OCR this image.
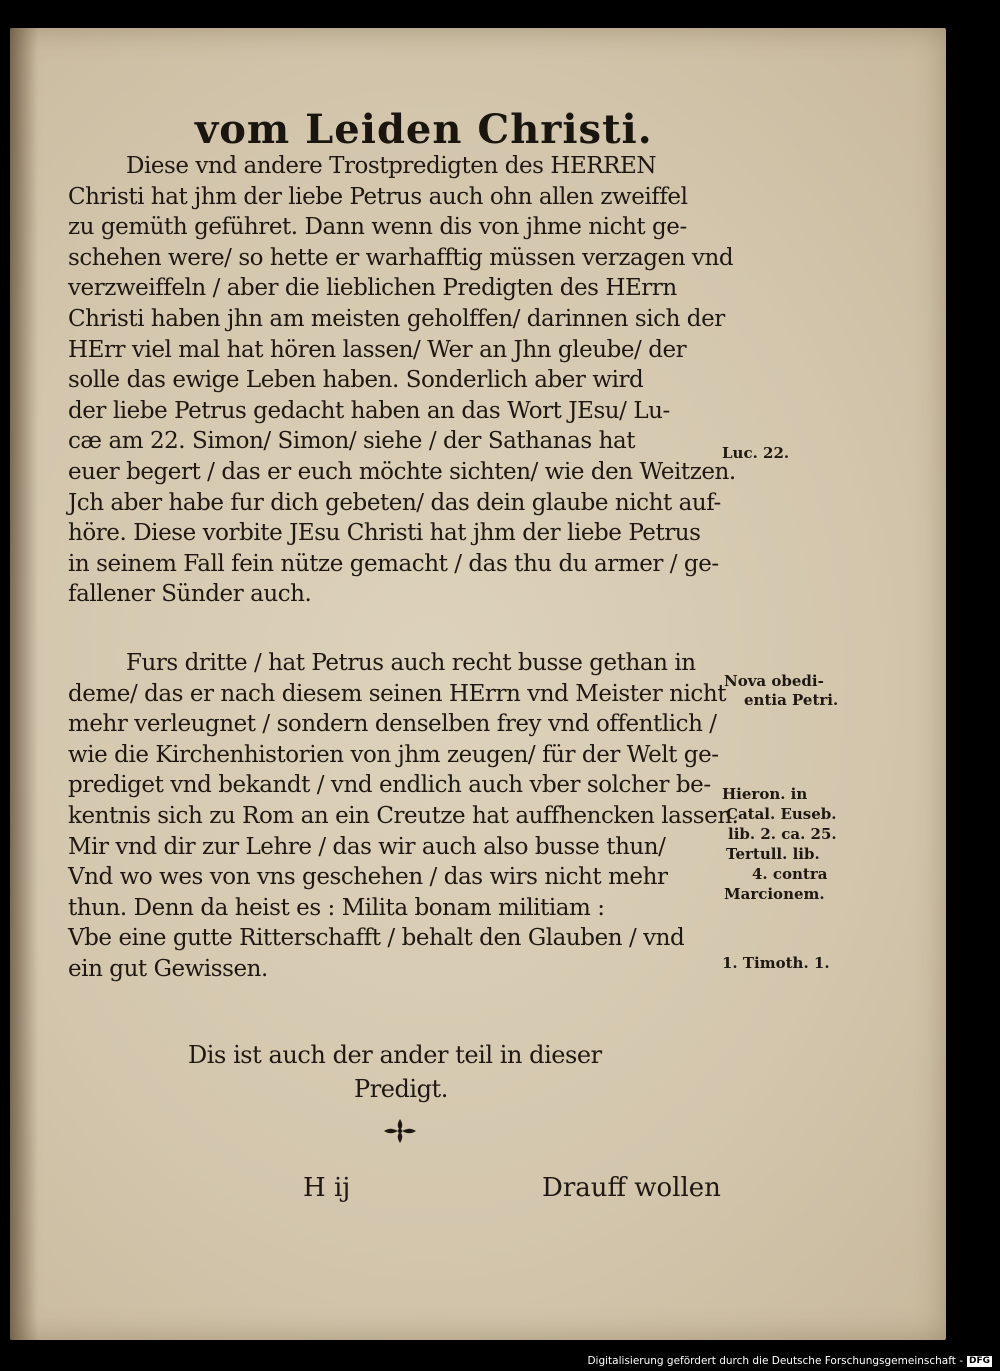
vom Leiden Christi.
Diese vnd andere Trostpredigten des HERREN
Christi hat jhm der liebe Petrus auch ohn allen zweiffel
zu gemüth geführet. Dann wenn dis von jhme nicht ge-
schehen were/ so hette er warhafftig müssen verzagen vnd
verzweiffeln / aber die lieblichen Predigten des HErrn
Christi haben jhn am meisten geholffen/ darinnen sich der
HErr viel mal hat hören lassen/ Wer an Jhn gleube/ der
solle das ewige Leben haben. Sonderlich aber wird
der liebe Petrus gedacht haben an das Wort JEsu/ Lu-
cæ am 22. Simon/ Simon/ siehe / der Sathanas hat
euer begert / das er euch möchte sichten/ wie den Weitzen.
Jch aber habe fur dich gebeten/ das dein glaube nicht auf-
höre. Diese vorbite JEsu Christi hat jhm der liebe Petrus
in seinem Fall fein nütze gemacht / das thu du armer / ge-
fallener Sünder auch.
Furs dritte / hat Petrus auch recht busse gethan in
deme/ das er nach diesem seinen HErrn vnd Meister nicht
mehr verleugnet / sondern denselben frey vnd offentlich /
wie die Kirchenhistorien von jhm zeugen/ für der Welt ge-
prediget vnd bekandt / vnd endlich auch vber solcher be-
kentnis sich zu Rom an ein Creutze hat auffhencken lassen.
Mir vnd dir zur Lehre / das wir auch also busse thun/
Vnd wo wes von vns geschehen / das wirs nicht mehr
thun. Denn da heist es : Milita bonam militiam :
Vbe eine gutte Ritterschafft / behalt den Glauben / vnd
ein gut Gewissen.
Luc. 22.
Nova obedi-
entia Petri.
Hieron. in
Catal. Euseb.
lib. 2. ca. 25.
Tertull. lib.
4. contra
Marcionem.
1. Timoth. 1.
Dis ist auch der ander teil in dieser
Predigt.
H ij	Drauff wollen
Digitalisierung gefördert durch die Deutsche Forschungsgemeinschaft - DFG
